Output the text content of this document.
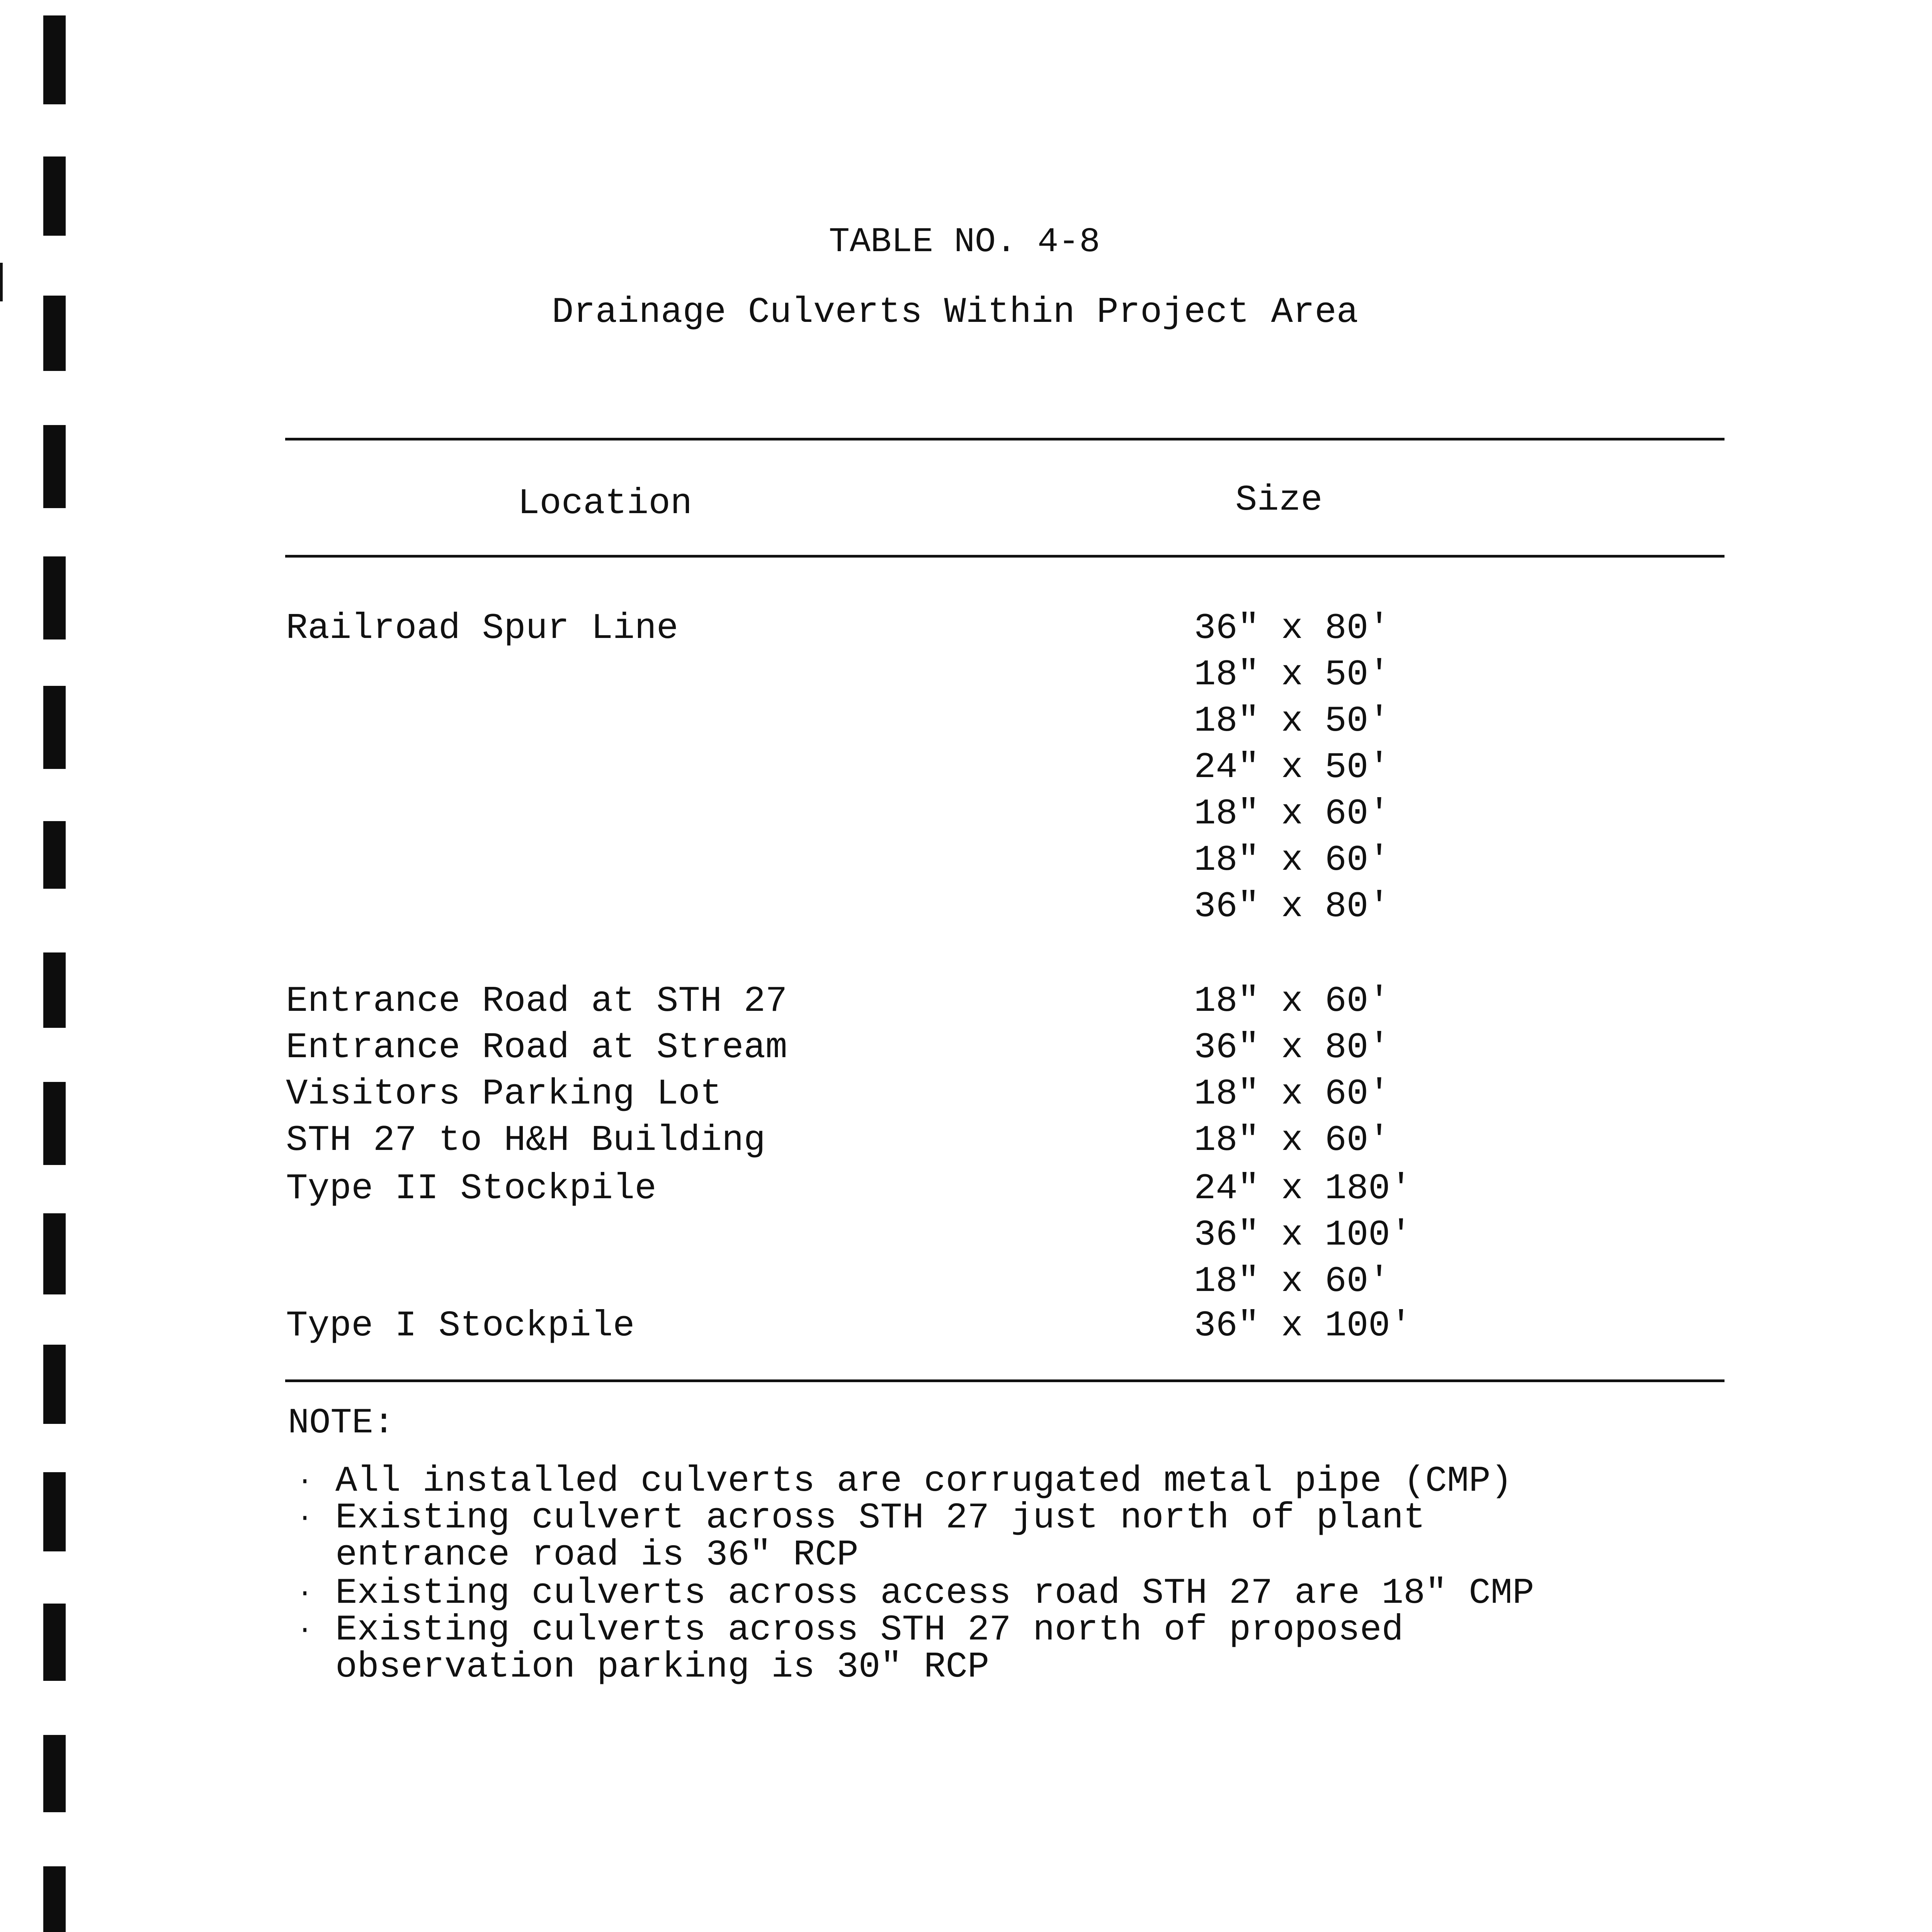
TABLE NO. 4-8
Drainage Culverts Within Project Area
Location	Size
Railroad Spur Line	36" x 80′
18" x 50′
18" x 50′
24" x 50′
18" x 60′
18" x 60′
36" x 80′
Entrance Road at STH 27	18" x 60′
Entrance Road at Stream	36" x 80′
Visitors Parking Lot	18" x 60′
STH 27 to H&H Building	18" x 60′
Type II Stockpile	24" x 180′
36" x 100′
18" x 60′
Type I Stockpile	36" x 100′
NOTE:
· All installed culverts are corrugated metal pipe (CMP)
· Existing culvert across STH 27 just north of plant
entrance road is 36" RCP
· Existing culverts across access road STH 27 are 18" CMP
· Existing culverts across STH 27 north of proposed
observation parking is 30" RCP
